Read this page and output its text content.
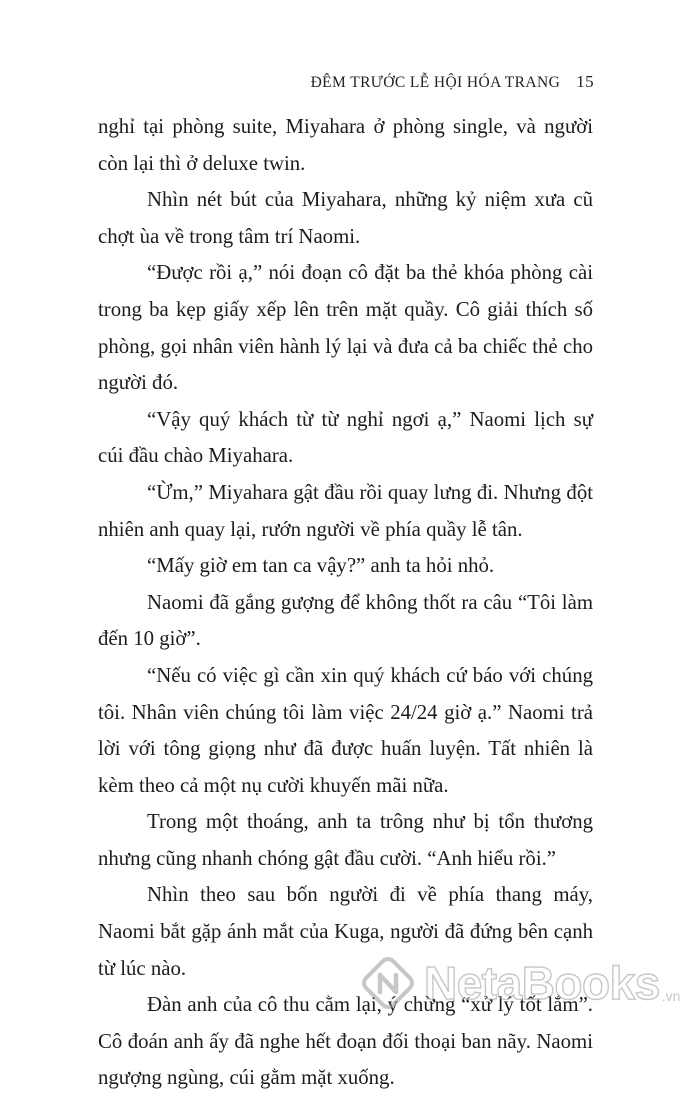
ĐÊM TRƯỚC LỄ HỘI HÓA TRANG 15

nghỉ tại phòng suite, Miyahara ở phòng single, và người còn lại thì ở deluxe twin.

Nhìn nét bút của Miyahara, những kỷ niệm xưa cũ chợt ùa về trong tâm trí Naomi.

“Được rồi ạ,” nói đoạn cô đặt ba thẻ khóa phòng cài trong ba kẹp giấy xếp lên trên mặt quầy. Cô giải thích số phòng, gọi nhân viên hành lý lại và đưa cả ba chiếc thẻ cho người đó.

“Vậy quý khách từ từ nghỉ ngơi ạ,” Naomi lịch sự cúi đầu chào Miyahara.

“Ừm,” Miyahara gật đầu rồi quay lưng đi. Nhưng đột nhiên anh quay lại, rướn người về phía quầy lễ tân.

“Mấy giờ em tan ca vậy?” anh ta hỏi nhỏ.

Naomi đã gắng gượng để không thốt ra câu “Tôi làm đến 10 giờ”.

“Nếu có việc gì cần xin quý khách cứ báo với chúng tôi. Nhân viên chúng tôi làm việc 24/24 giờ ạ.” Naomi trả lời với tông giọng như đã được huấn luyện. Tất nhiên là kèm theo cả một nụ cười khuyến mãi nữa.

Trong một thoáng, anh ta trông như bị tổn thương nhưng cũng nhanh chóng gật đầu cười. “Anh hiểu rồi.”

Nhìn theo sau bốn người đi về phía thang máy, Naomi bắt gặp ánh mắt của Kuga, người đã đứng bên cạnh từ lúc nào.

Đàn anh của cô thu cằm lại, ý chừng “xử lý tốt lắm”. Cô đoán anh ấy đã nghe hết đoạn đối thoại ban nãy. Naomi ngượng ngùng, cúi gằm mặt xuống.

NetaBooks .vn
